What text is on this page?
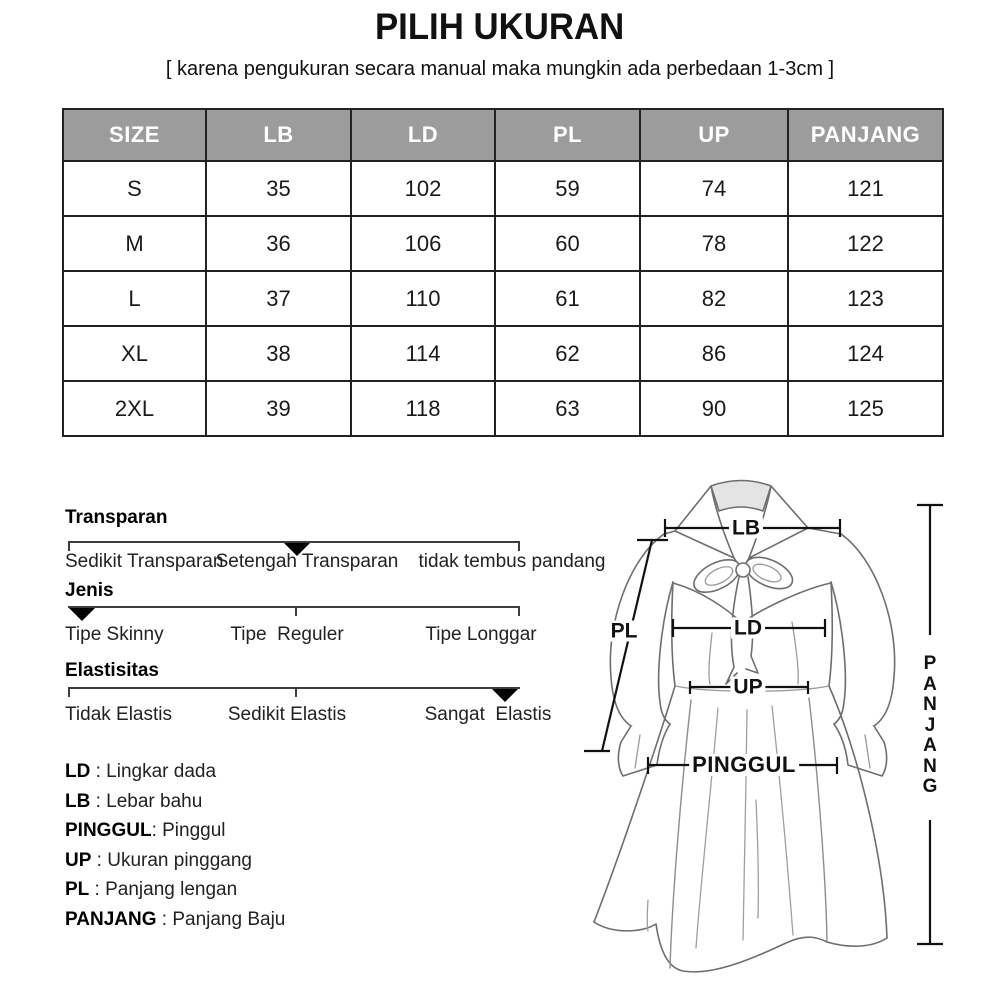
PILIH UKURAN
[ karena pengukuran secara manual maka mungkin ada perbedaan 1-3cm ]
SIZE	LB	LD	PL	UP	PANJANG
S	35	102	59	74	121
M	36	106	60	78	122
L	37	110	61	82	123
XL	38	114	62	86	124
2XL	39	118	63	90	125
Transparan
Sedikit Transparan
Setengah Transparan tidak tembus pandang
Jenis
Tipe Skinny	Tipe  Reguler	Tipe Longgar
Elastisitas
Tidak Elastis	Sedikit Elastis	Sangat  Elastis
LD : Lingkar dada
LB : Lebar bahu
PINGGUL: Pinggul
UP : Ukuran pinggang
PL : Panjang lengan
PANJANG : Panjang Baju
LB
PL	LD
UP
PINGGUL
P
A
N
J
A
N
G
